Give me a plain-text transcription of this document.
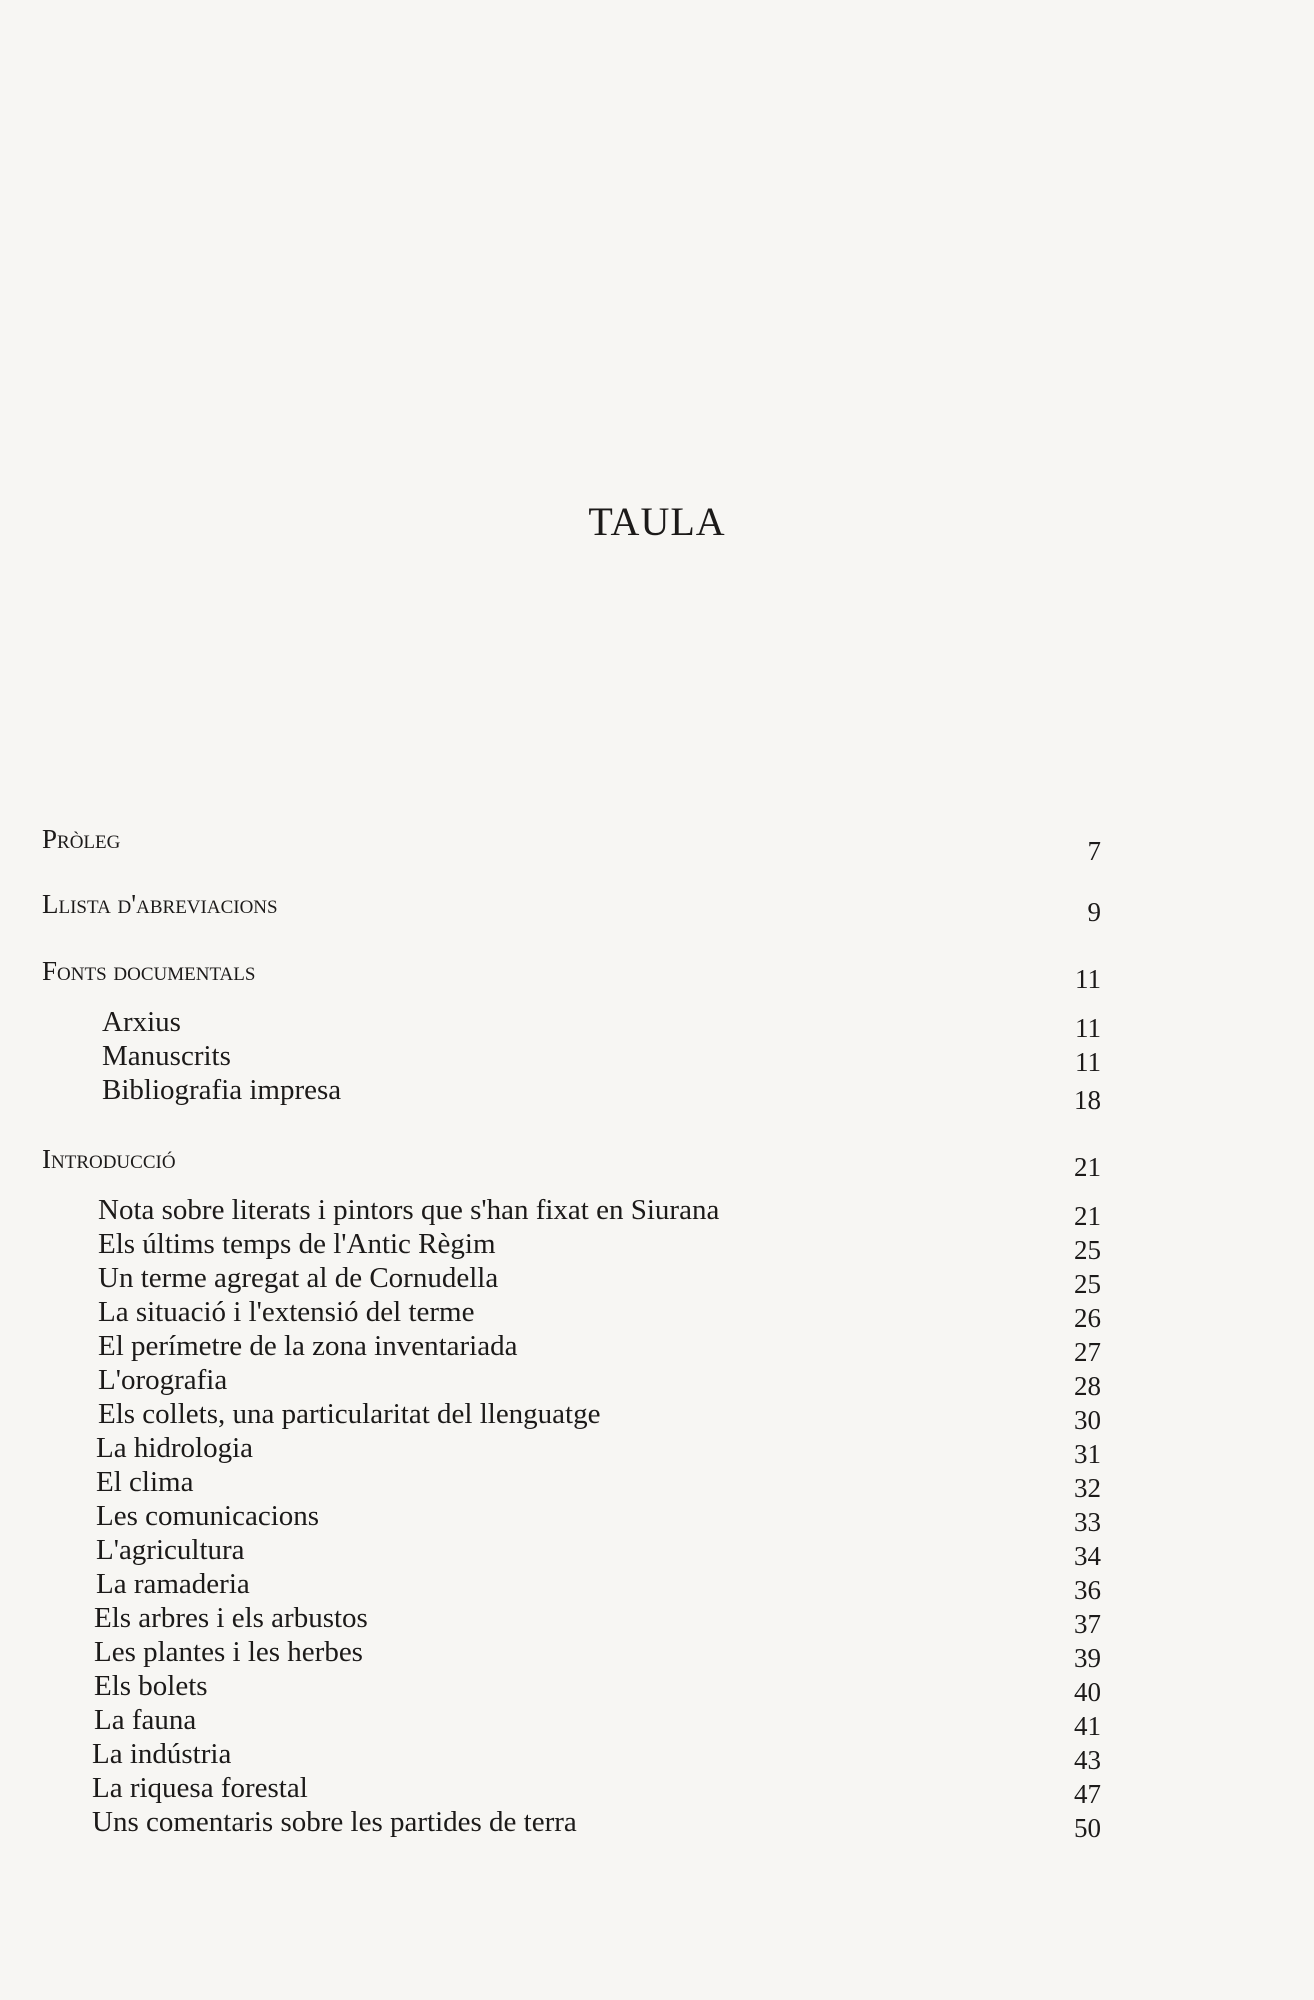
TAULA
Pròleg	7
Llista d'abreviacions	9
Fonts documentals	11
Arxius	11
Manuscrits	11
Bibliografia impresa	18
Introducció	21
Nota sobre literats i pintors que s'han fixat en Siurana	21
Els últims temps de l'Antic Règim	25
Un terme agregat al de Cornudella	25
La situació i l'extensió del terme	26
El perímetre de la zona inventariada	27
L'orografia	28
Els collets, una particularitat del llenguatge	30
La hidrologia	31
El clima	32
Les comunicacions	33
L'agricultura	34
La ramaderia	36
Els arbres i els arbustos	37
Les plantes i les herbes	39
Els bolets	40
La fauna	41
La indústria	43
La riquesa forestal	47
Uns comentaris sobre les partides de terra	50
